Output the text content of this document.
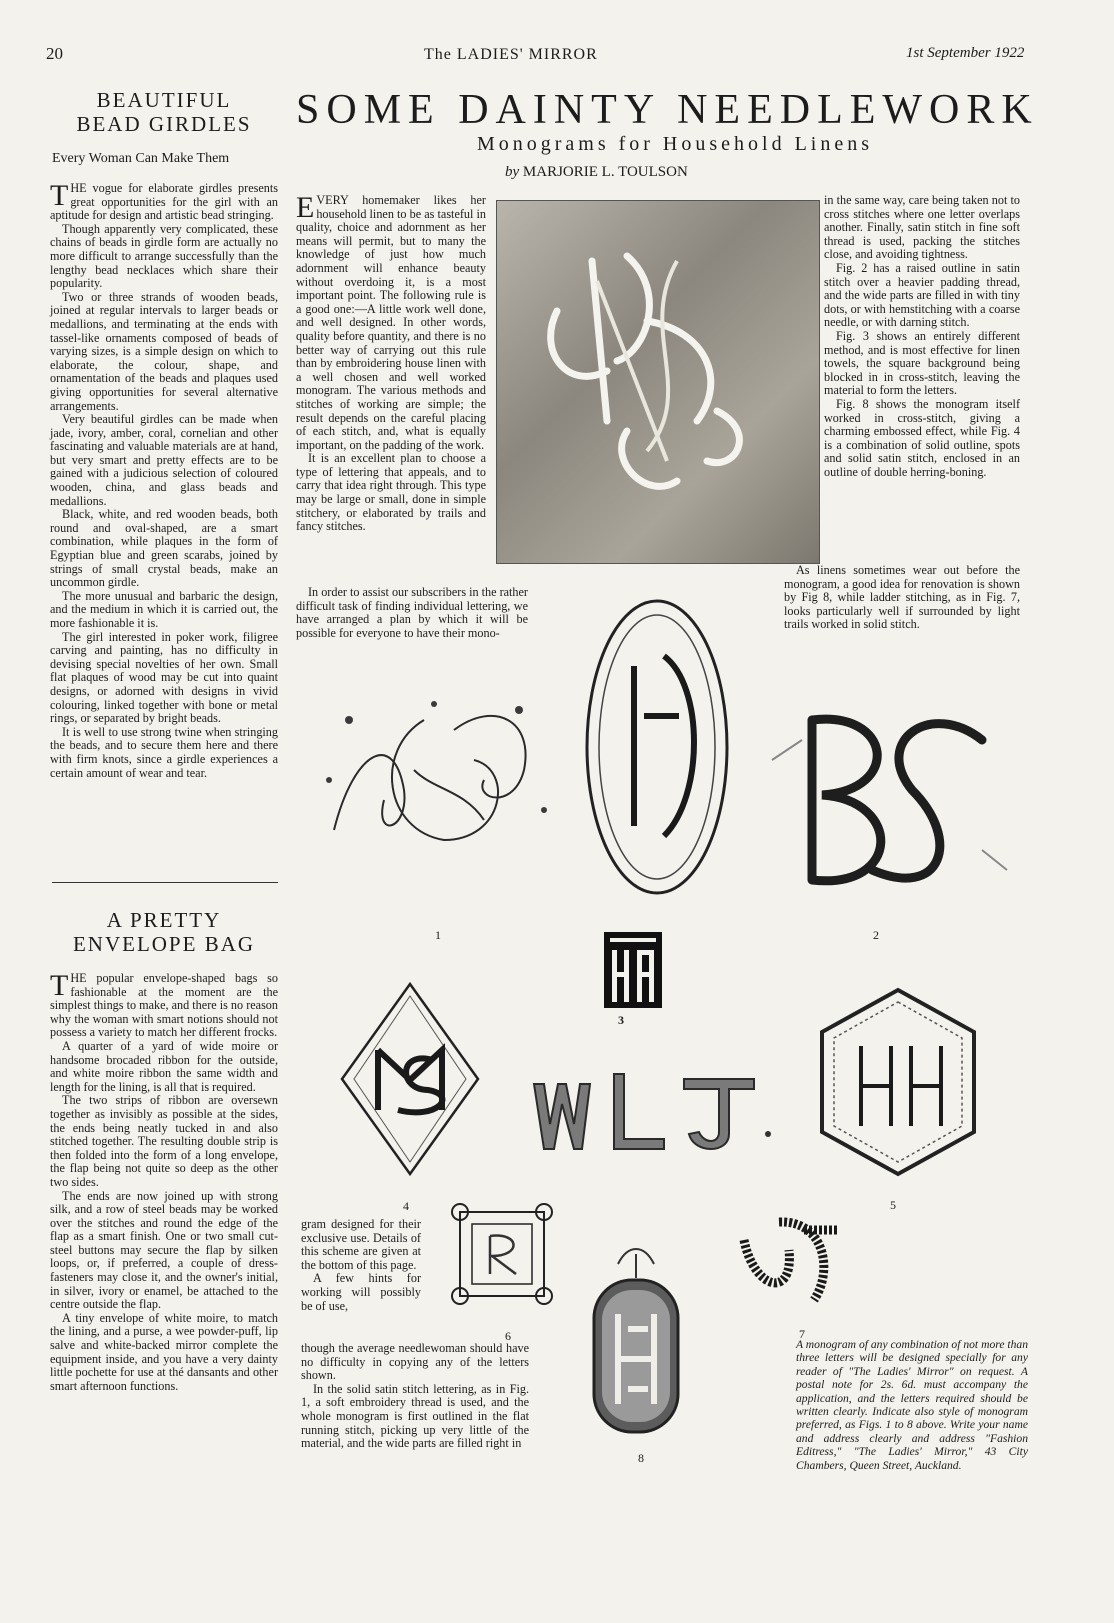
20	The LADIES' MIRROR	1st September 1922
BEAUTIFUL
BEAD GIRDLES
Every Woman Can Make Them

THE vogue for elaborate girdles presents great opportunities for the girl with an aptitude for design and artistic bead stringing.

Though apparently very complicated, these chains of beads in girdle form are actually no more difficult to arrange successfully than the lengthy bead necklaces which share their popularity.

Two or three strands of wooden beads, joined at regular intervals to larger beads or medallions, and terminating at the ends with tassel-like ornaments composed of beads of varying sizes, is a simple design on which to elaborate, the colour, shape, and ornamentation of the beads and plaques used giving opportunities for several alternative arrangements.

Very beautiful girdles can be made when jade, ivory, amber, coral, cornelian and other fascinating and valuable materials are at hand, but very smart and pretty effects are to be gained with a judicious selection of coloured wooden, china, and glass beads and medallions.

Black, white, and red wooden beads, both round and oval-shaped, are a smart combination, while plaques in the form of Egyptian blue and green scarabs, joined by strings of small crystal beads, make an uncommon girdle.

The more unusual and barbaric the design, and the medium in which it is carried out, the more fashionable it is.

The girl interested in poker work, filigree carving and painting, has no difficulty in devising special novelties of her own. Small flat plaques of wood may be cut into quaint designs, or adorned with designs in vivid colouring, linked together with bone or metal rings, or separated by bright beads.

It is well to use strong twine when stringing the beads, and to secure them here and there with firm knots, since a girdle experiences a certain amount of wear and tear.

A PRETTY
ENVELOPE BAG

THE popular envelope-shaped bags so fashionable at the moment are the simplest things to make, and there is no reason why the woman with smart notions should not possess a variety to match her different frocks.

A quarter of a yard of wide moire or handsome brocaded ribbon for the outside, and white moire ribbon the same width and length for the lining, is all that is required.

The two strips of ribbon are oversewn together as invisibly as possible at the sides, the ends being neatly tucked in and also stitched together. The resulting double strip is then folded into the form of a long envelope, the flap being not quite so deep as the other two sides.

The ends are now joined up with strong silk, and a row of steel beads may be worked over the stitches and round the edge of the flap as a smart finish. One or two small cut-steel buttons may secure the flap by silken loops, or, if preferred, a couple of dress-fasteners may close it, and the owner's initial, in silver, ivory or enamel, be attached to the centre outside the flap.

A tiny envelope of white moire, to match the lining, and a purse, a wee powder-puff, lip salve and white-backed mirror complete the equipment inside, and you have a very dainty little pochette for use at thé dansants and other smart afternoon functions.

SOME DAINTY NEEDLEWORK
Monograms for Household Linens
by MARJORIE L. TOULSON

EVERY homemaker likes her household linen to be as tasteful in quality, choice and adornment as her means will permit, but to many the knowledge of just how much adornment will enhance beauty without overdoing it, is a most important point. The following rule is a good one:—A little work well done, and well designed. In other words, quality before quantity, and there is no better way of carrying out this rule than by embroidering house linen with a well chosen and well worked monogram. The various methods and stitches of working are simple; the result depends on the careful placing of each stitch, and, what is equally important, on the padding of the work.

It is an excellent plan to choose a type of lettering that appeals, and to carry that idea right through. This type may be large or small, done in simple stitchery, or elaborated by trails and fancy stitches.

In order to assist our subscribers in the rather difficult task of finding individual lettering, we have arranged a plan by which it will be possible for everyone to have their mono-

in the same way, care being taken not to cross stitches where one letter overlaps another. Finally, satin stitch in fine soft thread is used, packing the stitches close, and avoiding tightness.

Fig. 2 has a raised outline in satin stitch over a heavier padding thread, and the wide parts are filled in with tiny dots, or with hemstitching with a coarse needle, or with darning stitch.

Fig. 3 shows an entirely different method, and is most effective for linen towels, the square background being blocked in in cross-stitch, leaving the material to form the letters.

Fig. 8 shows the monogram itself worked in cross-stitch, giving a charming embossed effect, while Fig. 4 is a combination of solid outline, spots and solid satin stitch, enclosed in an outline of double herring-boning.

As linens sometimes wear out before the monogram, a good idea for renovation is shown by Fig 8, while ladder stitching, as in Fig. 7, looks particularly well if surrounded by light trails worked in solid stitch.

1	2
3
4	5
6	7
8

gram designed for their exclusive use. Details of this scheme are given at the bottom of this page.

A few hints for working will possibly be of use,

though the average needlewoman should have no difficulty in copying any of the letters shown.

In the solid satin stitch lettering, as in Fig. 1, a soft embroidery thread is used, and the whole monogram is first outlined in the flat running stitch, picking up very little of the material, and the wide parts are filled right in

A monogram of any combination of not more than three letters will be designed specially for any reader of "The Ladies' Mirror" on request. A postal note for 2s. 6d. must accompany the application, and the letters required should be written clearly. Indicate also style of monogram preferred, as Figs. 1 to 8 above. Write your name and address clearly and address "Fashion Editress," "The Ladies' Mirror," 43 City Chambers, Queen Street, Auckland.
